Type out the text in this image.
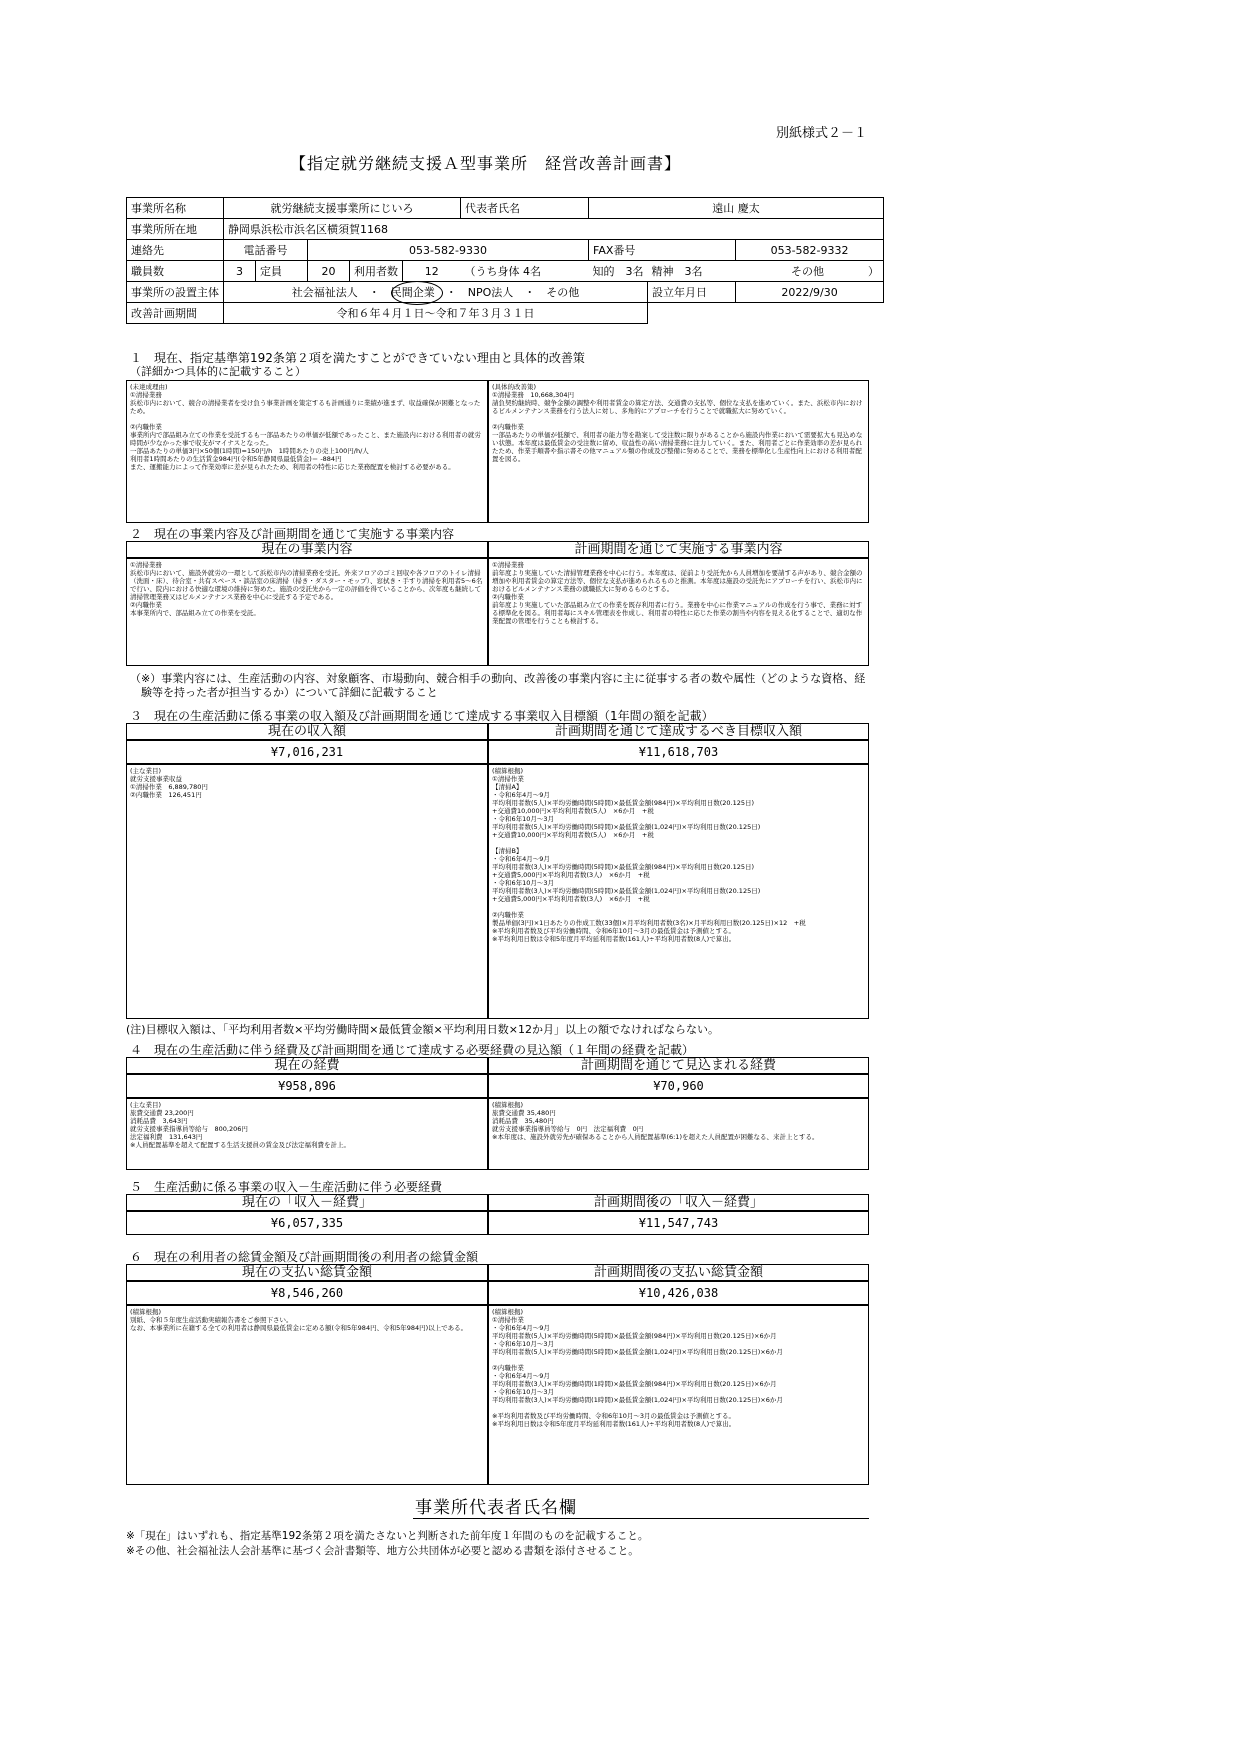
別紙様式２－１
【指定就労継続支援Ａ型事業所　経営改善計画書】
事業所名称	就労継続支援事業所にじいろ					代表者氏名	遠山 慶太		
事業所所在地	静岡県浜松市浜名区横須賀1168								
連絡先	電話番号		053-582-9330				FAX番号		053-582-9332
職員数	3	定員	20	利用者数	12	（うち身体 4名	知的　3名	精神　3名	その他　　　　）
事業所の設置主体	社会福祉法人　・　民間企業　・　NPO法人　・　その他							設立年月日	2022/9/30
改善計画期間	令和６年４月１日～令和７年３月３１日								
１　現在、指定基準第192条第２項を満たすことができていない理由と具体的改善策
（詳細かつ具体的に記載すること）
(未達成理由)
①清掃業務
浜松市内において、競合の清掃業者を受け負う事業計画を策定するも計画通りに業績が進まず、収益確保が困難となったため。

②内職作業
事業所内で部品組み立ての作業を受託するも一部品あたりの単価が低額であったこと、また施設内における利用者の就労時間が少なかった事で収支がマイナスとなった。
一部品あたりの単価3円×50個(1時間)=150円/h　1時間あたりの売上100円/h/人
利用者1時間あたりの生活賃金984円(令和5年静岡県最低賃金)＝ -884円
また、運搬能力によって作業効率に差が見られたため、利用者の特性に応じた業務配置を検討する必要がある。
(具体的改善策)
①清掃業務　10,668,304円
請負契約継続時、競争金額の調整や利用者賃金の算定方法、交通費の支払等、個位な支払を進めていく。また、浜松市内におけるビルメンテナンス業務を行う法人に対し、多角的にアプローチを行うことで就職拡大に努めていく。

②内職作業
一部品あたりの単価が低額で、利用者の能力等を勘案して受注数に限りがあることから施設内作業において需要拡大も見込めない状態。本年度は最低賃金の受注数に留め、収益性の高い清掃業務に注力していく。また、利用者ごとに作業効率の差が見られたため、作業手順書や指示書その他マニュアル類の作成及び整備に努めることで、業務を標準化し生産性向上における利用者配置を図る。
２　現在の事業内容及び計画期間を通じて実施する事業内容
現在の事業内容	計画期間を通じて実施する事業内容
①清掃業務
浜松市内において、施設外就労の一環として浜松市内の清掃業務を受託。外来フロアのゴミ回収や各フロアのトイレ清掃（洗面・床）、待合室・共有スペース・談話室の床清掃（掃き・ダスター・モップ）、窓拭き・手すり清掃を利用者5～6名で行い、院内における快適な環境の維持に努めた。施設の受託先から一定の評価を得ていることから、次年度も継続して清掃管理業務又はビルメンテナンス業務を中心に受託する予定である。
②内職作業
本事業所内で、部品組み立ての作業を受託。
①清掃業務
前年度より実施していた清掃管理業務を中心に行う。本年度は、従前より受託先から人員増加を要請する声があり、競合金額の増加や利用者賃金の算定方法等、個位な支払が進められるものと推測。本年度は施設の受託先にアプローチを行い、浜松市内におけるビルメンテナンス業務の就職拡大に努めるものとする。
②内職作業
前年度より実施していた部品組み立ての作業を既存利用者に行う。業務を中心に作業マニュアルの作成を行う事で、業務に対する標準化を図る。利用者毎にスキル管理表を作成し、利用者の特性に応じた作業の割当や内容を見える化することで、適切な作業配置の管理を行うことも検討する。
（※）事業内容には、生産活動の内容、対象顧客、市場動向、競合相手の動向、改善後の事業内容に主に従事する者の数や属性（どのような資格、経
験等を持った者が担当するか）について詳細に記載すること
３　現在の生産活動に係る事業の収入額及び計画期間を通じて達成する事業収入目標額（1年間の額を記載）
現在の収入額	計画期間を通じて達成するべき目標収入額
¥7,016,231	¥11,618,703
(主な業目)
就労支援事業収益
①清掃作業　6,889,780円
②内職作業　126,451円
(積算根拠)
①清掃作業
【清掃A】
・令和6年4月～9月
平均利用者数(5人)×平均労働時間(5時間)×最低賃金額(984円)×平均利用日数(20.125日)
+交通費10,000円×平均利用者数(5人)　×6か月　+税
・令和6年10月～3月
平均利用者数(5人)×平均労働時間(5時間)×最低賃金額(1,024円)×平均利用日数(20.125日)
+交通費10,000円×平均利用者数(5人)　×6か月　+税

【清掃B】
・令和6年4月～9月
平均利用者数(3人)×平均労働時間(5時間)×最低賃金額(984円)×平均利用日数(20.125日)
+交通費5,000円×平均利用者数(3人)　×6か月　+税
・令和6年10月～3月
平均利用者数(3人)×平均労働時間(5時間)×最低賃金額(1,024円)×平均利用日数(20.125日)
+交通費5,000円×平均利用者数(3人)　×6か月　+税

②内職作業
製品単価(3円)×1日あたりの作成工数(33個)×月平均利用者数(3名)×月平均利用日数(20.125日)×12　+税
※平均利用者数及び平均労働時間、令和6年10月～3月の最低賃金は予測値とする。
※平均利用日数は令和5年度月平均延利用者数(161人)÷平均利用者数(8人)で算出。
(注)目標収入額は、「平均利用者数×平均労働時間×最低賃金額×平均利用日数×12か月」以上の額でなければならない。
４　現在の生産活動に伴う経費及び計画期間を通じて達成する必要経費の見込額（１年間の経費を記載）
現在の経費	計画期間を通じて見込まれる経費
¥958,896	¥70,960
(主な業目)
旅費交通費 23,200円
消耗品費　3,643円
就労支援事業指導員等給与　800,206円
法定福利費　131,643円
※人員配置基準を超えて配置する生活支援員の賃金及び法定福利費を計上。
(積算根拠)
旅費交通費 35,480円
消耗品費　35,480円
就労支援事業指導員等給与　0円　法定福利費　0円
※本年度は、施設外就労先が確保あることから人員配置基準(6:1)を超えた人員配置が困難なる、来計上とする。
５　生産活動に係る事業の収入－生産活動に伴う必要経費
現在の「収入－経費」	計画期間後の「収入－経費」
¥6,057,335	¥11,547,743
６　現在の利用者の総賃金額及び計画期間後の利用者の総賃金額
現在の支払い総賃金額	計画期間後の支払い総賃金額
¥8,546,260	¥10,426,038
(積算根拠)
別紙、令和５年度生産活動実績報告書をご参照下さい。
なお、本事業所に在籍する全ての利用者は静岡県最低賃金に定める額(令和5年984円、令和5年984円)以上である。
(積算根拠)
①清掃作業
・令和6年4月～9月
平均利用者数(5人)×平均労働時間(5時間)×最低賃金額(984円)×平均利用日数(20.125日)×6か月
・令和6年10月～3月
平均利用者数(5人)×平均労働時間(5時間)×最低賃金額(1,024円)×平均利用日数(20.125日)×6か月

②内職作業
・令和6年4月～9月
平均利用者数(3人)×平均労働時間(1時間)×最低賃金額(984円)×平均利用日数(20.125日)×6か月
・令和6年10月～3月
平均利用者数(3人)×平均労働時間(1時間)×最低賃金額(1,024円)×平均利用日数(20.125日)×6か月

※平均利用者数及び平均労働時間、令和6年10月～3月の最低賃金は予測値とする。
※平均利用日数は令和5年度月平均延利用者数(161人)÷平均利用者数(8人)で算出。
事業所代表者氏名欄
※「現在」はいずれも、指定基準192条第２項を満たさないと判断された前年度１年間のものを記載すること。
※その他、社会福祉法人会計基準に基づく会計書類等、地方公共団体が必要と認める書類を添付させること。
